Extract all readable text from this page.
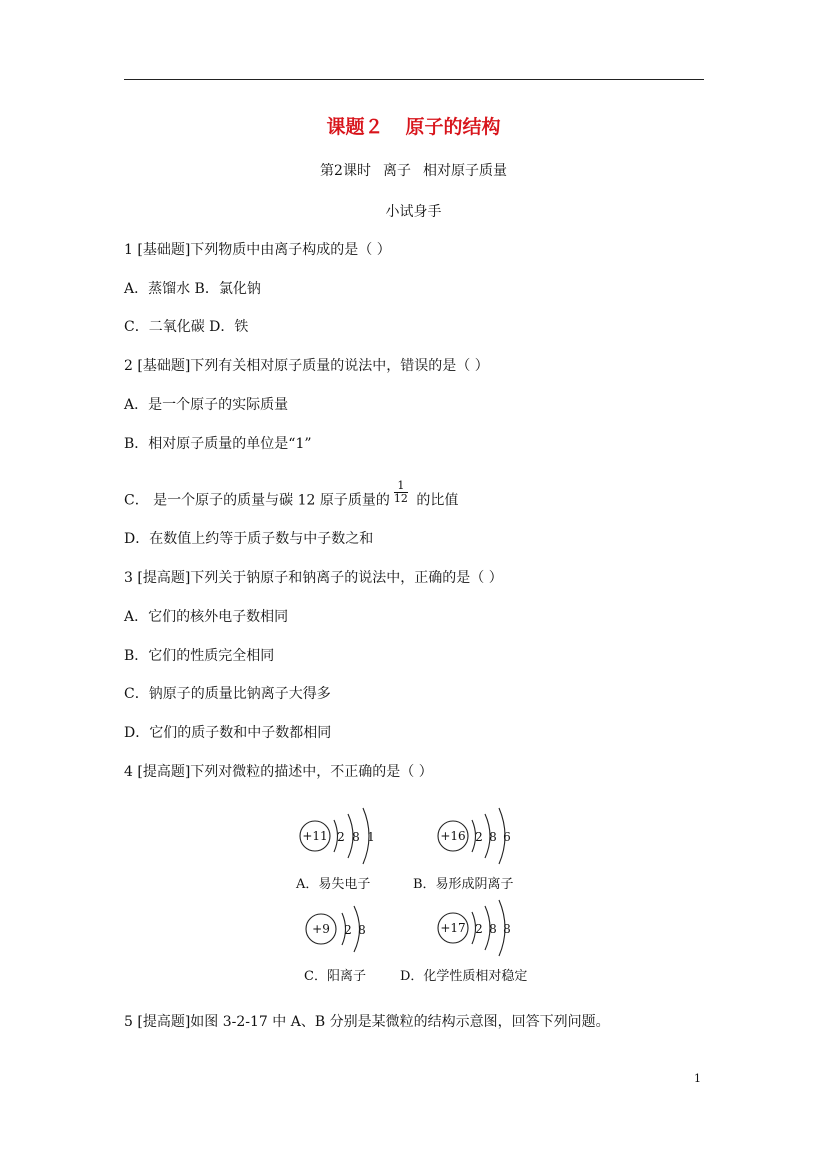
课题２ 原子的结构
第2课时 离子 相对原子质量
小试身手
1 [基础题]下列物质中由离子构成的是（ ）
A．蒸馏水 B．氯化钠
C．二氧化碳 D．铁
2 [基础题]下列有关相对原子质量的说法中，错误的是（ ）
A．是一个原子的实际质量
B．相对原子质量的单位是“1”
C． 是一个原子的质量与碳 12 原子质量的 $\frac{1}{12}$ 的比值
D．在数值上约等于质子数与中子数之和
3 [提高题]下列关于钠原子和钠离子的说法中，正确的是（ ）
A．它们的核外电子数相同
B．它们的性质完全相同
C．钠原子的质量比钠离子大得多
D．它们的质子数和中子数都相同
4 [提高题]下列对微粒的描述中，不正确的是（ ）
+11 2 8 1	+16 2 8 6
+9 2 8	+17 2 8 8
A．易失电子	B．易形成阴离子
C．阳离子	D．化学性质相对稳定
5 [提高题]如图 3-2-17 中 A、B 分别是某微粒的结构示意图，回答下列问题。
1
